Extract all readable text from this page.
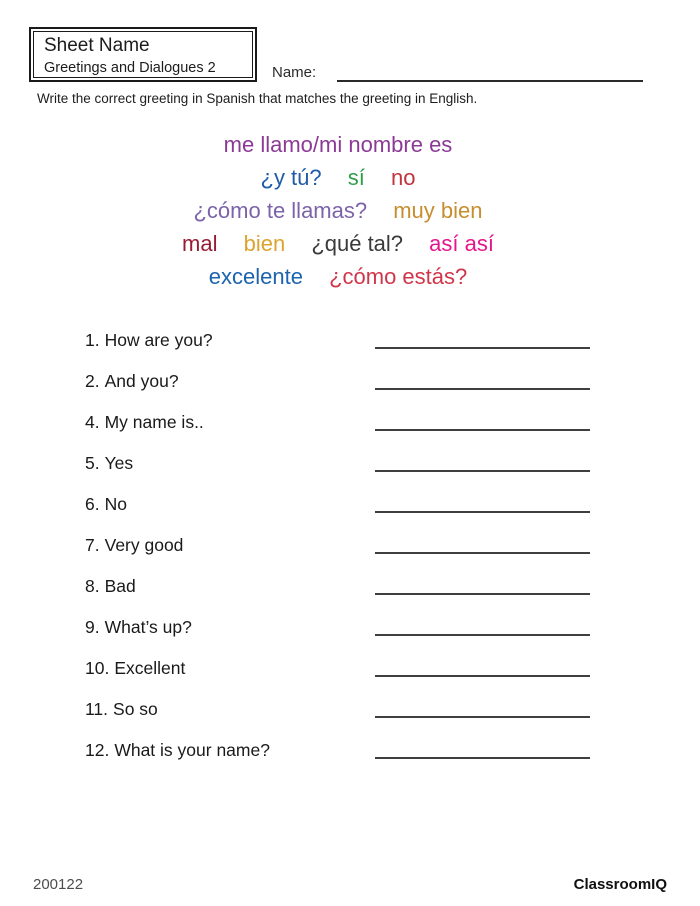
Sheet Name
Greetings and Dialogues 2	Name:
Write the correct greeting in Spanish that matches the greeting in English.
me llamo/mi nombre es
¿y tú? sí no
¿cómo te llamas? muy bien
mal bien ¿qué tal? así así
excelente ¿cómo estás?
1. How are you?
2. And you?
4. My name is..
5. Yes
6. No
7. Very good
8. Bad
9. What’s up?
10. Excellent
11. So so
12. What is your name?
200122	ClassroomIQ
